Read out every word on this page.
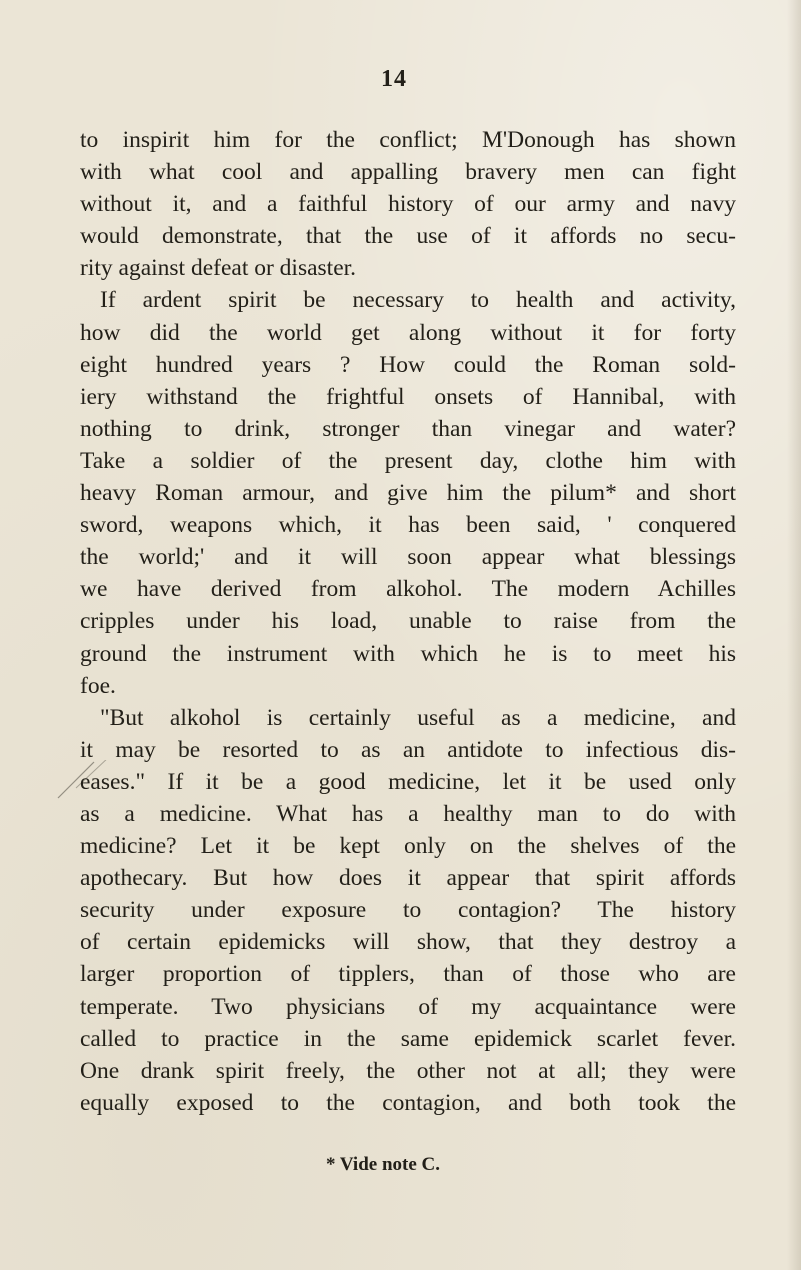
14
to inspirit him for the conflict; M'Donough has shown
with what cool and appalling bravery men can fight
without it, and a faithful history of our army and navy
would demonstrate, that the use of it affords no secu-
rity against defeat or disaster.
If ardent spirit be necessary to health and activity,
how did the world get along without it for forty
eight hundred years ? How could the Roman sold-
iery withstand the frightful onsets of Hannibal, with
nothing to drink, stronger than vinegar and water?
Take a soldier of the present day, clothe him with
heavy Roman armour, and give him the pilum* and short
sword, weapons which, it has been said, ' conquered
the world;' and it will soon appear what blessings
we have derived from alkohol. The modern Achilles
cripples under his load, unable to raise from the
ground the instrument with which he is to meet his
foe.
"But alkohol is certainly useful as a medicine, and
it may be resorted to as an antidote to infectious dis-
eases." If it be a good medicine, let it be used only
as a medicine. What has a healthy man to do with
medicine? Let it be kept only on the shelves of the
apothecary. But how does it appear that spirit affords
security under exposure to contagion? The history
of certain epidemicks will show, that they destroy a
larger proportion of tipplers, than of those who are
temperate. Two physicians of my acquaintance were
called to practice in the same epidemick scarlet fever.
One drank spirit freely, the other not at all; they were
equally exposed to the contagion, and both took the
* Vide note C.
